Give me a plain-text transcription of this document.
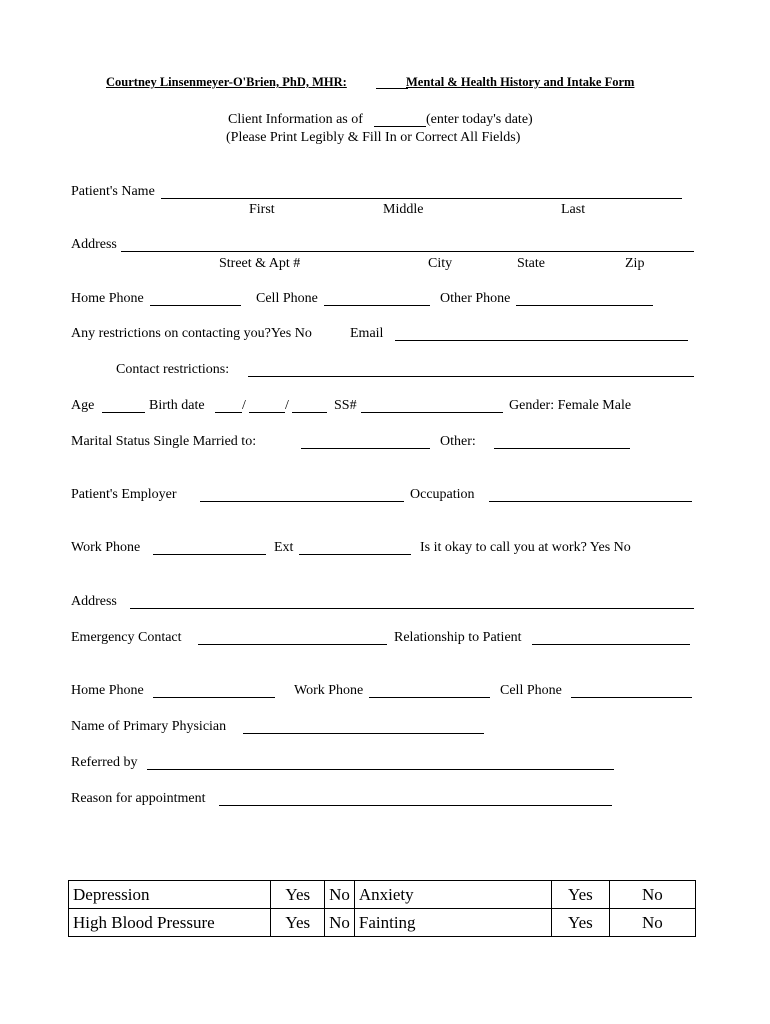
Courtney Linsenmeyer-O'Brien, PhD, MHR:	Mental & Health History and Intake Form
Client Information as of	(enter today's date)
(Please Print Legibly & Fill In or Correct All Fields)
Patient's Name
First	Middle	Last
Address
Street & Apt #	City	State	Zip
Home Phone	Cell Phone	Other Phone
Any restrictions on contacting you?Yes No	Email
Contact restrictions:
Age	Birth date	/	/	SS#	Gender: Female Male
Marital Status Single Married to:	Other:
Patient's Employer	Occupation
Work Phone	Ext	Is it okay to call you at work? Yes No
Address
Emergency Contact	Relationship to Patient
Home Phone	Work Phone	Cell Phone
Name of Primary Physician
Referred by
Reason for appointment
Depression	Yes	No	Anxiety	Yes	No
High Blood Pressure	Yes	No	Fainting	Yes	No
